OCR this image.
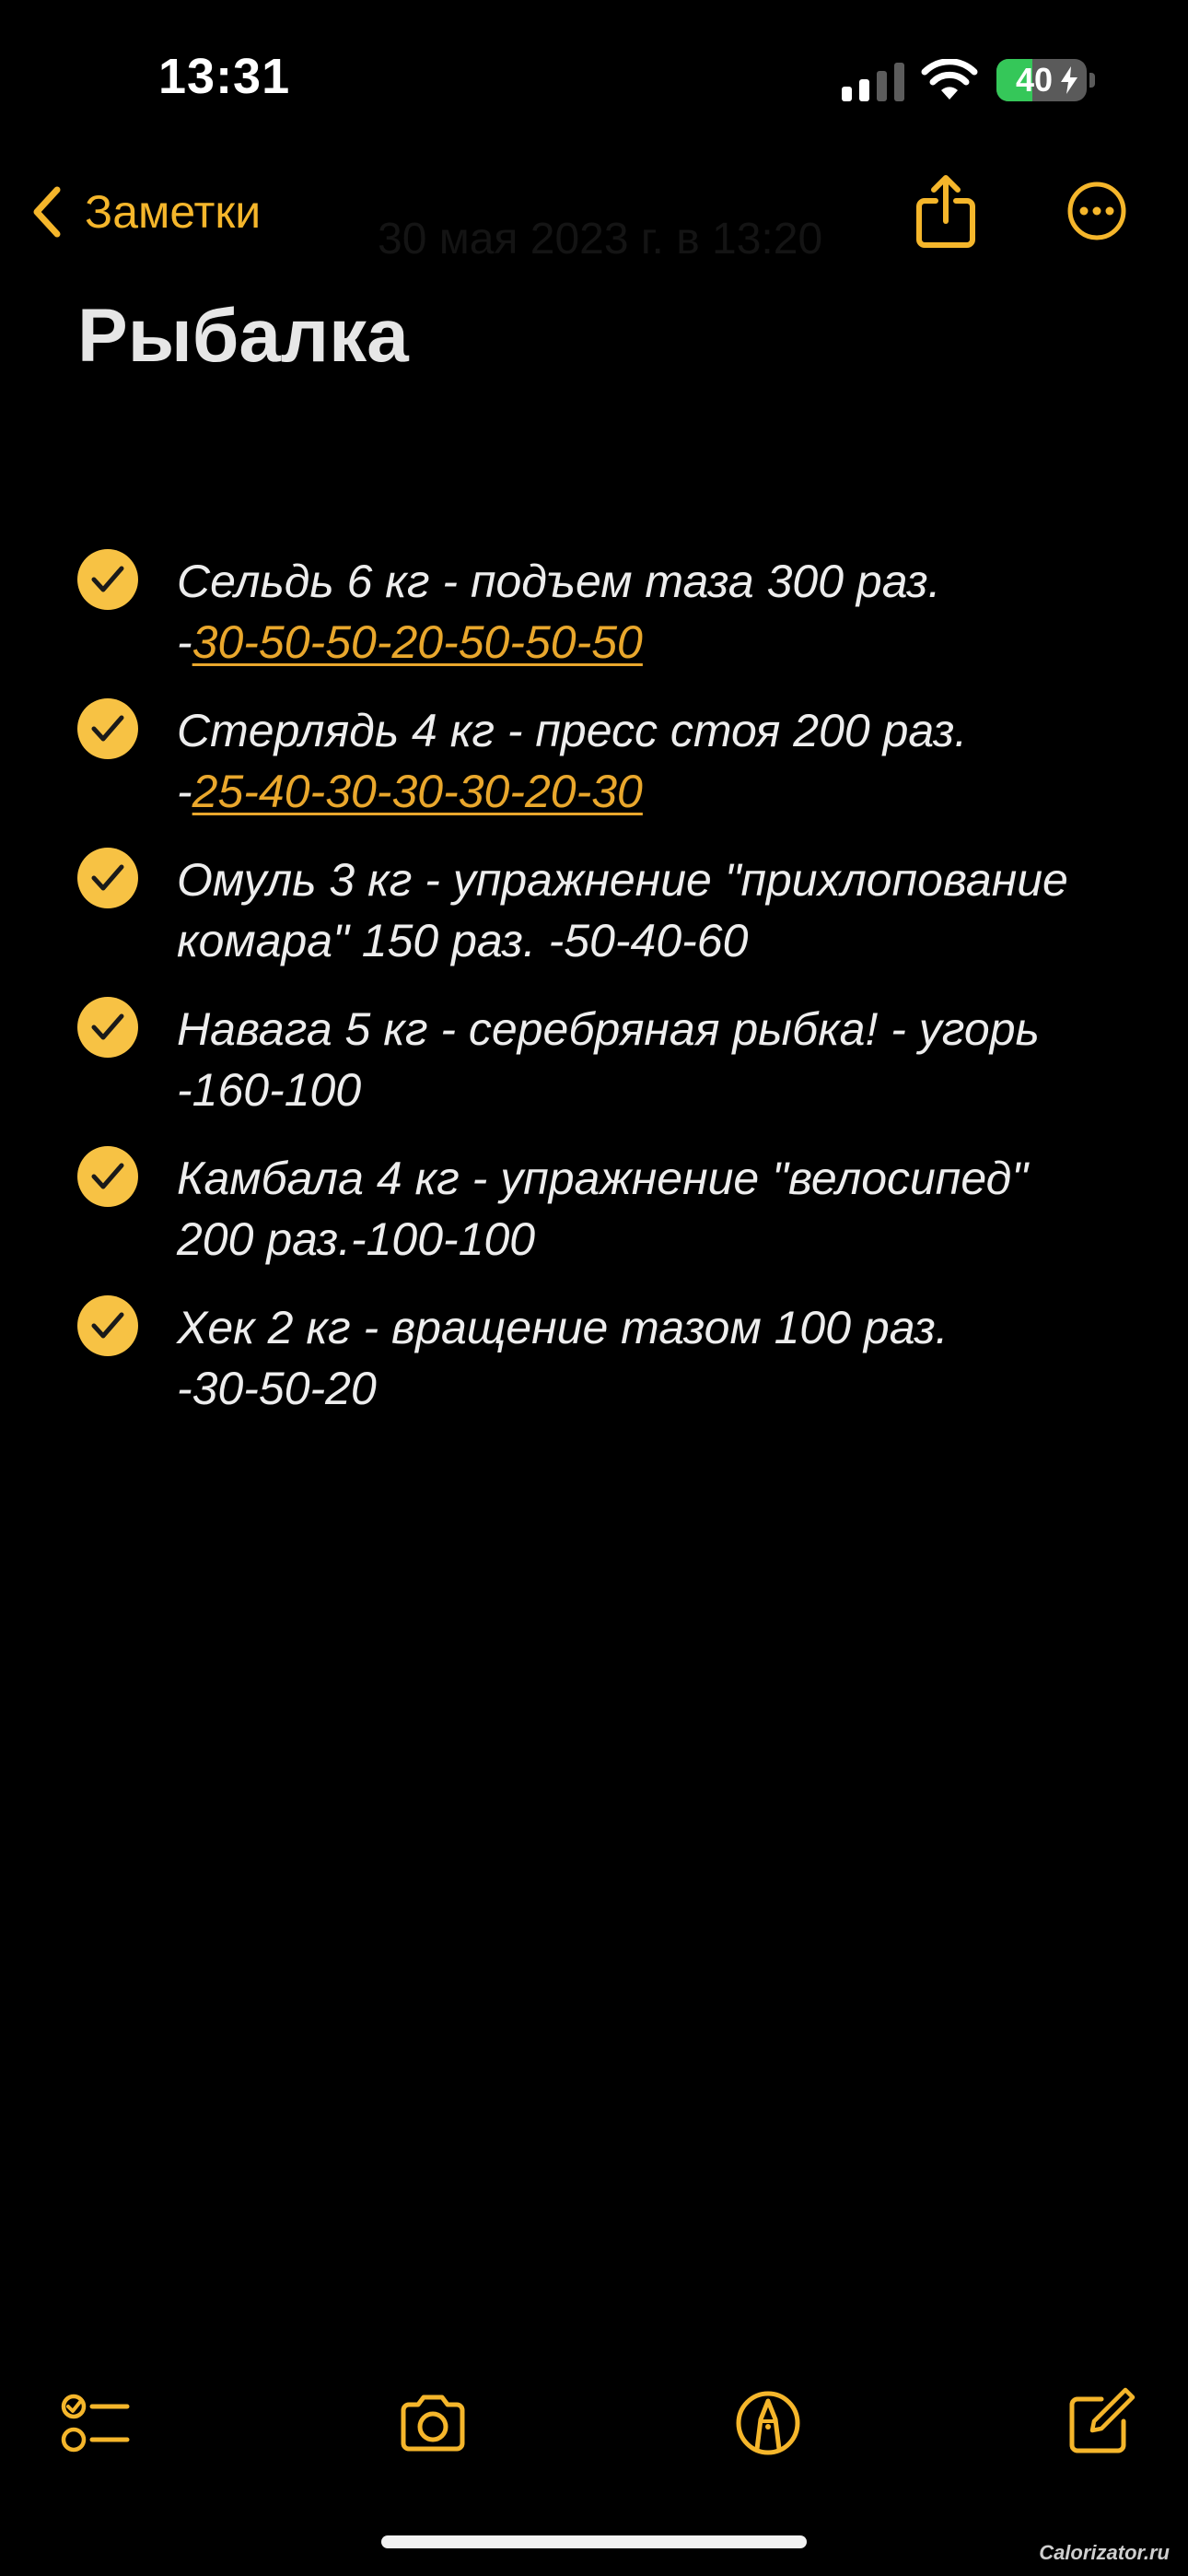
13:31	40
Заметки
30 мая 2023 г. в 13:20
Рыбалка
Сельдь 6 кг - подъем таза 300 раз.
-30-50-50-20-50-50-50
Стерлядь 4 кг - пресс стоя 200 раз.
-25-40-30-30-30-20-30
Омуль 3 кг - упражнение "прихлопование
комара" 150 раз. -50-40-60
Навага 5 кг - серебряная рыбка! - угорь
-160-100
Камбала 4 кг - упражнение "велосипед"
200 раз.-100-100
Хек 2 кг - вращение тазом 100 раз.
-30-50-20
Calorizator.ru
